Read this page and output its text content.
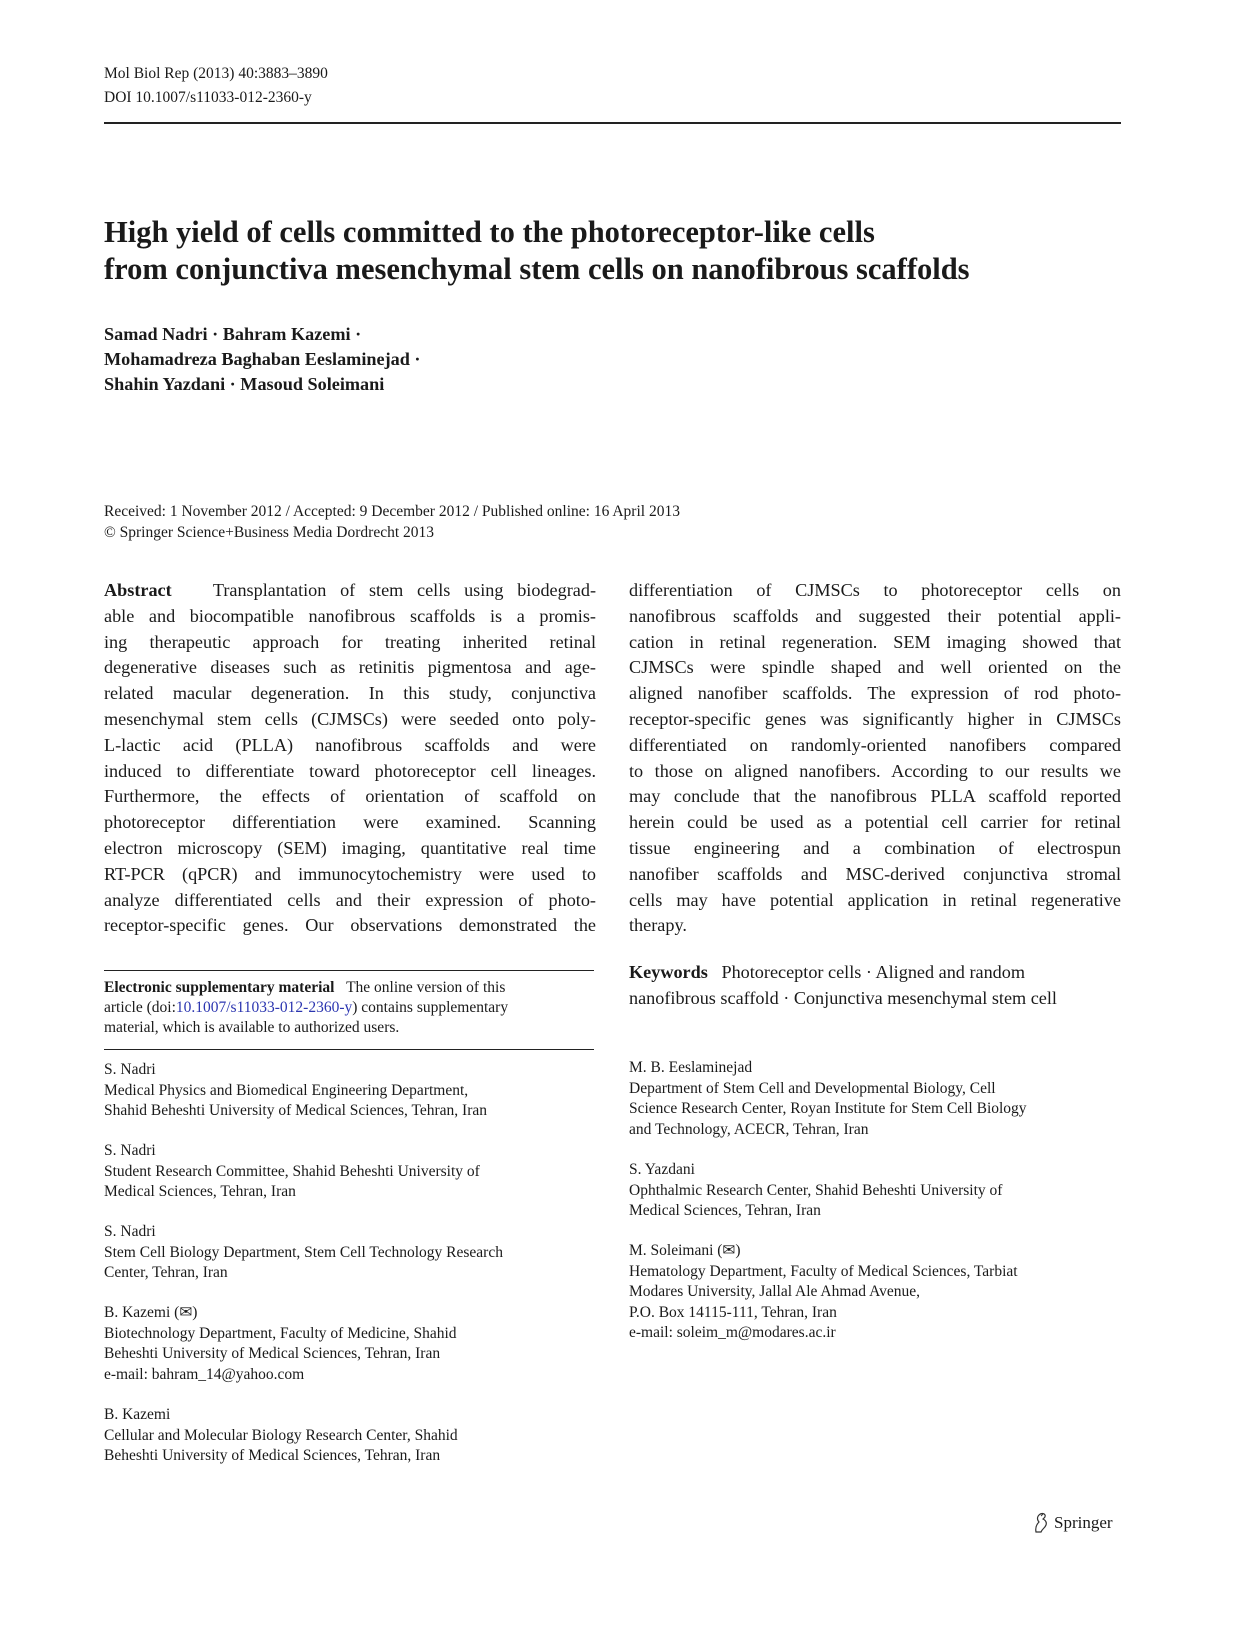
Mol Biol Rep (2013) 40:3883–3890
DOI 10.1007/s11033-012-2360-y
High yield of cells committed to the photoreceptor-like cells
from conjunctiva mesenchymal stem cells on nanofibrous scaffolds
Samad Nadri · Bahram Kazemi ·
Mohamadreza Baghaban Eeslaminejad ·
Shahin Yazdani · Masoud Soleimani
Received: 1 November 2012 / Accepted: 9 December 2012 / Published online: 16 April 2013
© Springer Science+Business Media Dordrecht 2013

Abstract Transplantation of stem cells using biodegrad-

able and biocompatible nanofibrous scaffolds is a promis-

ing therapeutic approach for treating inherited retinal

degenerative diseases such as retinitis pigmentosa and age-

related macular degeneration. In this study, conjunctiva

mesenchymal stem cells (CJMSCs) were seeded onto poly-

L-lactic acid (PLLA) nanofibrous scaffolds and were

induced to differentiate toward photoreceptor cell lineages.

Furthermore, the effects of orientation of scaffold on

photoreceptor differentiation were examined. Scanning

electron microscopy (SEM) imaging, quantitative real time

RT-PCR (qPCR) and immunocytochemistry were used to

analyze differentiated cells and their expression of photo-

receptor-specific genes. Our observations demonstrated the

differentiation of CJMSCs to photoreceptor cells on

nanofibrous scaffolds and suggested their potential appli-

cation in retinal regeneration. SEM imaging showed that

CJMSCs were spindle shaped and well oriented on the

aligned nanofiber scaffolds. The expression of rod photo-

receptor-specific genes was significantly higher in CJMSCs

differentiated on randomly-oriented nanofibers compared

to those on aligned nanofibers. According to our results we

may conclude that the nanofibrous PLLA scaffold reported

herein could be used as a potential cell carrier for retinal

tissue engineering and a combination of electrospun

nanofiber scaffolds and MSC-derived conjunctiva stromal

cells may have potential application in retinal regenerative

therapy.

Keywords Photoreceptor cells · Aligned and random
nanofibrous scaffold · Conjunctiva mesenchymal stem cell
Electronic supplementary material The online version of this
article (doi:10.1007/s11033-012-2360-y) contains supplementary
material, which is available to authorized users.
S. Nadri
Medical Physics and Biomedical Engineering Department,
Shahid Beheshti University of Medical Sciences, Tehran, Iran
S. Nadri
Student Research Committee, Shahid Beheshti University of
Medical Sciences, Tehran, Iran
S. Nadri
Stem Cell Biology Department, Stem Cell Technology Research
Center, Tehran, Iran
B. Kazemi (✉)
Biotechnology Department, Faculty of Medicine, Shahid
Beheshti University of Medical Sciences, Tehran, Iran
e-mail: bahram_14@yahoo.com
B. Kazemi
Cellular and Molecular Biology Research Center, Shahid
Beheshti University of Medical Sciences, Tehran, Iran
M. B. Eeslaminejad
Department of Stem Cell and Developmental Biology, Cell
Science Research Center, Royan Institute for Stem Cell Biology
and Technology, ACECR, Tehran, Iran
S. Yazdani
Ophthalmic Research Center, Shahid Beheshti University of
Medical Sciences, Tehran, Iran
M. Soleimani (✉)
Hematology Department, Faculty of Medical Sciences, Tarbiat
Modares University, Jallal Ale Ahmad Avenue,
P.O. Box 14115-111, Tehran, Iran
e-mail: soleim_m@modares.ac.ir
Springer
